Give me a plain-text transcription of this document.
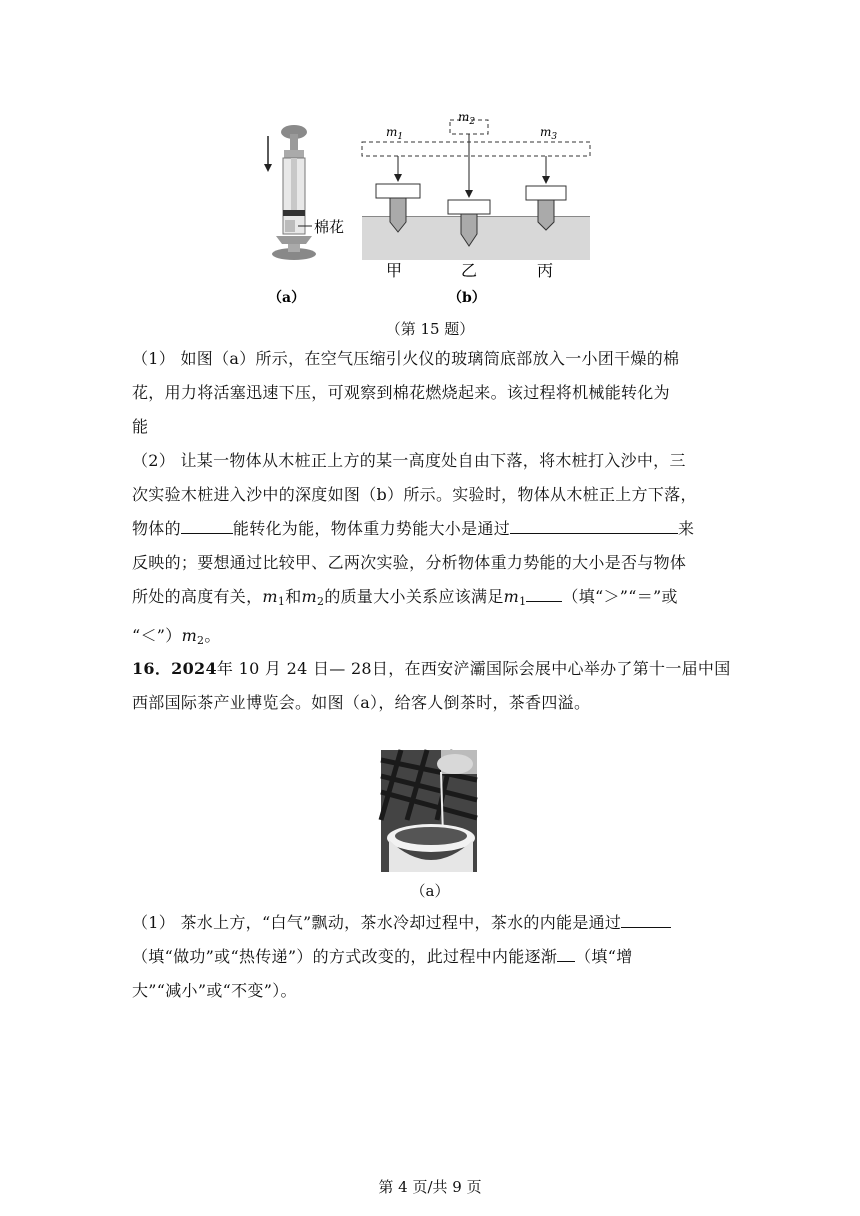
棉花
$m_1$
$m_2$
$m_3$
甲	乙	丙
（a）	（b）
（第 15 题）

（1） 如图（a）所示，在空气压缩引火仪的玻璃筒底部放入一小团干燥的棉

花，用力将活塞迅速下压，可观察到棉花燃烧起来。该过程将机械能转化为

能

（2） 让某一物体从木桩正上方的某一高度处自由下落，将木桩打入沙中，三

次实验木桩进入沙中的深度如图（b）所示。实验时，物体从木桩正上方下落，

物体的	能转化为能，物体重力势能大小是通过	来

反映的；要想通过比较甲、乙两次实验，分析物体重力势能的大小是否与物体

所处的高度有关，$m_1$和$m_2$的质量大小关系应该满足$m_1$ （填“＞”“＝”或

“$<”)m_2$。

16．2024年 10 月 24 日— 28日，在西安浐灞国际会展中心举办了第十一届中国

西部国际茶产业博览会。如图（a），给客人倒茶时，茶香四溢。

（a）

（1） 茶水上方，“白气”飘动，茶水冷却过程中，茶水的内能是通过

（填“做功”或“热传递”）的方式改变的，此过程中内能逐渐 （填“增

大”“减小”或“不变”）。

第 4 页/共 9 页
